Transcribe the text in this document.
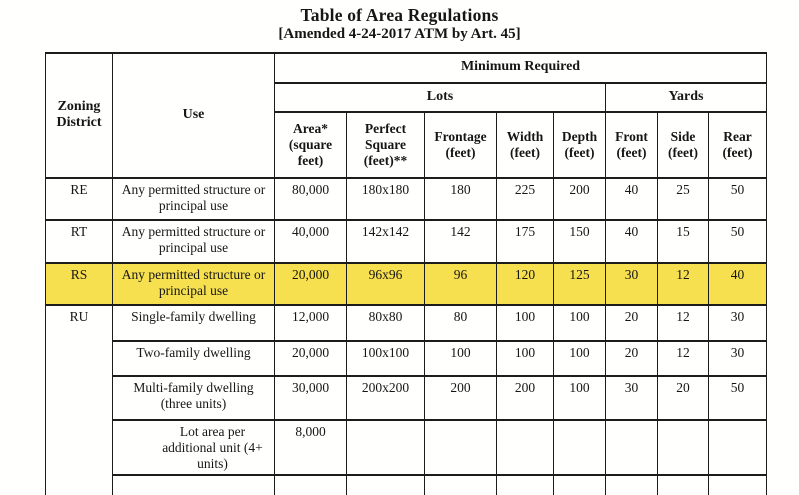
Table of Area Regulations
[Amended 4-24-2017 ATM by Art. 45]
Zoning District	Use	Minimum Required							
		Lots					Yards		
		Area* (square feet)	Perfect Square (feet)**	Frontage (feet)	Width (feet)	Depth (feet)	Front (feet)	Side (feet)	Rear (feet)
RE	Any permitted structure or principal use	80,000	180x180	180	225	200	40	25	50
RT	Any permitted structure or principal use	40,000	142x142	142	175	150	40	15	50
RS	Any permitted structure or principal use	20,000	96x96	96	120	125	30	12	40
RU	Single-family dwelling	12,000	80x80	80	100	100	20	12	30
	Two-family dwelling	20,000	100x100	100	100	100	20	12	30
	Multi-family dwelling (three units)	30,000	200x200	200	200	100	30	20	50
	Lot area per additional unit (4+ units)	8,000							
